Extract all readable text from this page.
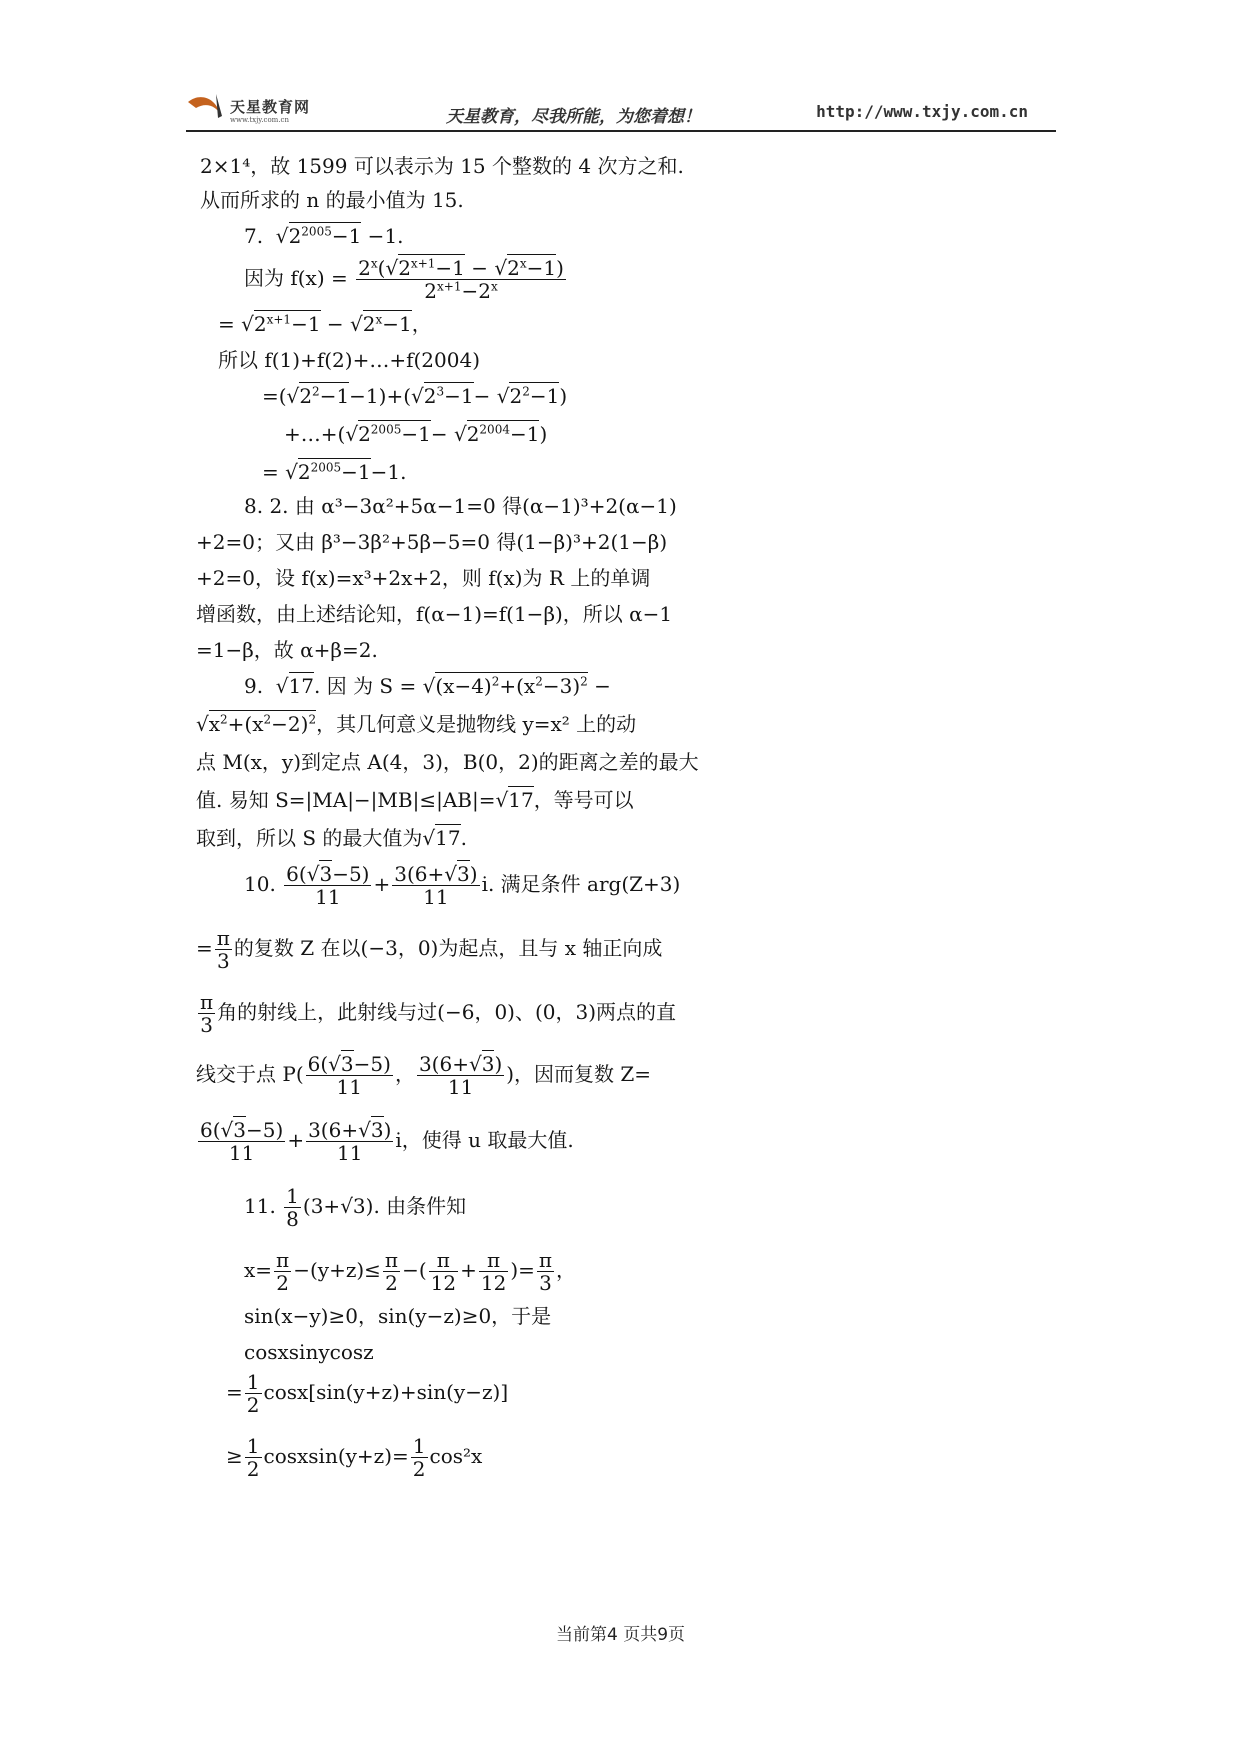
天星教育网
www.txjy.com.cn	天星教育，尽我所能，为您着想！	http://www.txjy.com.cn
2×1⁴，故 1599 可以表示为 15 个整数的 4 次方之和.
从而所求的 n 的最小值为 15.
7.  $√2^{2005}-1 -1$.
因为 $f(x) = \frac{2^x(√2^{x+1}-1 - √2^x-1)}{2^{x+1}-2^x}$
= $√2^{x+1}-1 - √2^x-1$，
所以 f(1)+f(2)+…+f(2004)
$=(√2^2-1-1)+(√2^3-1- √2^2-1)$
$+\dots+(√2^{2005}-1- √2^{2004}-1)$
= $√2^{2005}-1-1$.
8. 2. 由 α³−3α²+5α−1=0 得(α−1)³+2(α−1)
+2=0；又由 β³−3β²+5β−5=0 得(1−β)³+2(1−β)
+2=0，设 f(x)=x³+2x+2，则 f(x)为 R 上的单调
增函数，由上述结论知，f(α−1)=f(1−β)，所以 α−1
=1−β，故 α+β=2.
9.  √17. 因 为 $S = √(x-4)^2+(x^2-3)^2$ −
$√x^2+(x^2-2)^2$，其几何意义是抛物线 y=x² 上的动
点 M(x，y)到定点 A(4，3)，B(0，2)的距离之差的最大
值. 易知 S=|MA|−|MB|≤|AB|=√17，等号可以
取到，所以 S 的最大值为√17.
10. $\frac{6(√3-5)}{11} + \frac{3(6+√3)}{11} i$. 满足条件 arg(Z+3)
= $\frac{\pi}{3}$ 的复数 Z 在以(−3，0)为起点，且与 x 轴正向成
$\frac{\pi}{3}$ 角的射线上，此射线与过(−6，0)、(0，3)两点的直
线交于点 $P( \frac{6(√3-5)}{11}$ ， $\frac{3(6+√3)}{11}$ )，因而复数 Z=
$\frac{6(√3-5)}{11} + \frac{3(6+√3)}{11}$ i，使得 u 取最大值.
11. $\frac{1}{8} (3+√3)$. 由条件知
$x= \frac{\pi}{2} -(y+z)\le \frac{\pi}{2}$ −( $\frac{\pi}{12} + \frac{\pi}{12}$ )= $\frac{\pi}{3}$ ，
sin(x−y)≥0，sin(y−z)≥0，于是
cosxsinycosz
= $\frac{1}{2} \cos x[\sin(y+z)+\sin(y-z)]$
≥ $\frac{1}{2}$ cosxsin(y+z)= $\frac{1}{2} \cos^2x$
当前第4 页共9页
